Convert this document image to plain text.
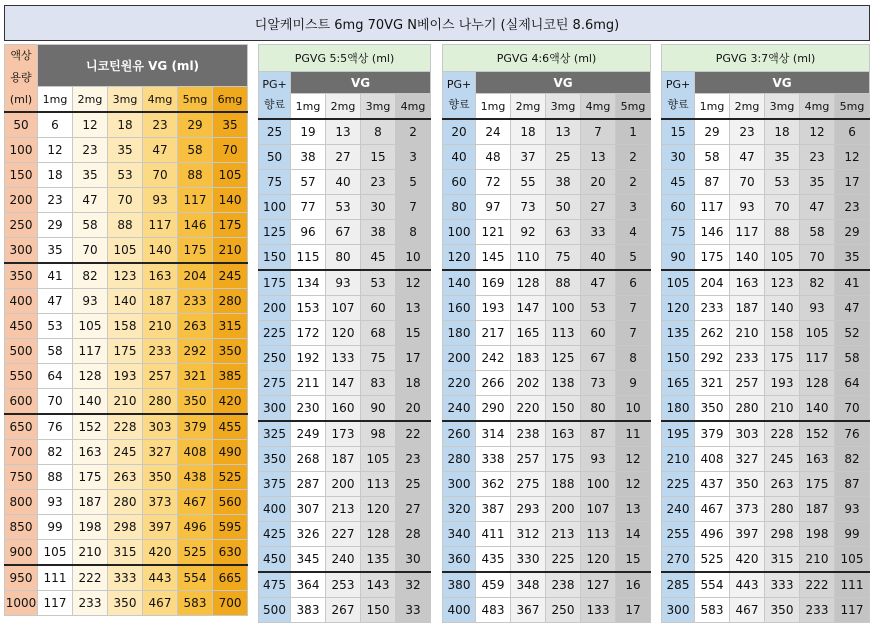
디알케미스트 6mg 70VG N베이스 나누기 (실제니코틴 8.6mg)
액상
용량
(ml)	니코틴원유 VG (ml)					

	1mg	2mg	3mg	4mg	5mg	6mg
50	6	12	18	23	29	35
100	12	23	35	47	58	70
150	18	35	53	70	88	105
200	23	47	70	93	117	140
250	29	58	88	117	146	175
300	35	70	105	140	175	210
350	41	82	123	163	204	245
400	47	93	140	187	233	280
450	53	105	158	210	263	315
500	58	117	175	233	292	350
550	64	128	193	257	321	385
600	70	140	210	280	350	420
650	76	152	228	303	379	455
700	82	163	245	327	408	490
750	88	175	263	350	438	525
800	93	187	280	373	467	560
850	99	198	298	397	496	595
900	105	210	315	420	525	630
950	111	222	333	443	554	665
1000	117	233	350	467	583	700
PGVG 5:5액상 (ml)				

PG+
향료	VG			
	1mg	2mg	3mg	4mg
25	19	13	8	2
50	38	27	15	3
75	57	40	23	5
100	77	53	30	7
125	96	67	38	8
150	115	80	45	10
175	134	93	53	12
200	153	107	60	13
225	172	120	68	15
250	192	133	75	17
275	211	147	83	18
300	230	160	90	20
325	249	173	98	22
350	268	187	105	23
375	287	200	113	25
400	307	213	120	27
425	326	227	128	28
450	345	240	135	30
475	364	253	143	32
500	383	267	150	33
PGVG 4:6액상 (ml)					

PG+
향료	VG				
	1mg	2mg	3mg	4mg	5mg
20	24	18	13	7	1
40	48	37	25	13	2
60	72	55	38	20	2
80	97	73	50	27	3
100	121	92	63	33	4
120	145	110	75	40	5
140	169	128	88	47	6
160	193	147	100	53	7
180	217	165	113	60	7
200	242	183	125	67	8
220	266	202	138	73	9
240	290	220	150	80	10
260	314	238	163	87	11
280	338	257	175	93	12
300	362	275	188	100	12
320	387	293	200	107	13
340	411	312	213	113	14
360	435	330	225	120	15
380	459	348	238	127	16
400	483	367	250	133	17
PGVG 3:7액상 (ml)					

PG+
향료	VG				
	1mg	2mg	3mg	4mg	5mg
15	29	23	18	12	6
30	58	47	35	23	12
45	87	70	53	35	17
60	117	93	70	47	23
75	146	117	88	58	29
90	175	140	105	70	35
105	204	163	123	82	41
120	233	187	140	93	47
135	262	210	158	105	52
150	292	233	175	117	58
165	321	257	193	128	64
180	350	280	210	140	70
195	379	303	228	152	76
210	408	327	245	163	82
225	437	350	263	175	87
240	467	373	280	187	93
255	496	397	298	198	99
270	525	420	315	210	105
285	554	443	333	222	111
300	583	467	350	233	117
